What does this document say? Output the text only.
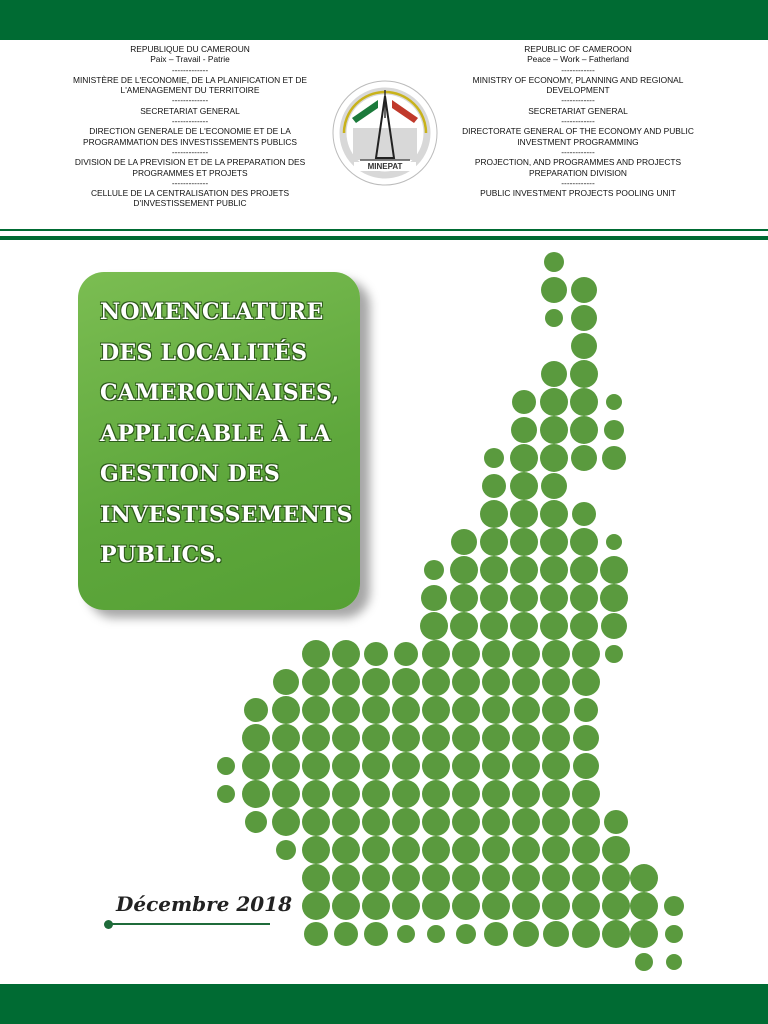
REPUBLIQUE DU CAMEROUN
Paix – Travail - Patrie
-------------
MINISTÈRE DE L'ECONOMIE, DE LA PLANIFICATION ET DE L'AMENAGEMENT DU TERRITOIRE
-------------
SECRETARIAT GENERAL
-------------
DIRECTION GENERALE DE L'ECONOMIE ET DE LA PROGRAMMATION DES INVESTISSEMENTS PUBLICS
-------------
DIVISION DE LA PREVISION ET DE LA PREPARATION DES PROGRAMMES ET PROJETS
-------------
CELLULE DE LA CENTRALISATION DES PROJETS D'INVESTISSEMENT PUBLIC
REPUBLIC OF CAMEROON
Peace – Work – Fatherland
------------
MINISTRY OF ECONOMY, PLANNING AND REGIONAL DEVELOPMENT
------------
SECRETARIAT GENERAL
------------
DIRECTORATE GENERAL OF THE ECONOMY AND PUBLIC INVESTMENT PROGRAMMING
------------
PROJECTION, AND PROGRAMMES AND PROJECTS PREPARATION DIVISION
------------
PUBLIC INVESTMENT PROJECTS POOLING UNIT
MINEPAT
NOMENCLATURE
DES LOCALITÉS
CAMEROUNAISES,
APPLICABLE À LA
GESTION DES
INVESTISSEMENTS
PUBLICS.
Décembre 2018
